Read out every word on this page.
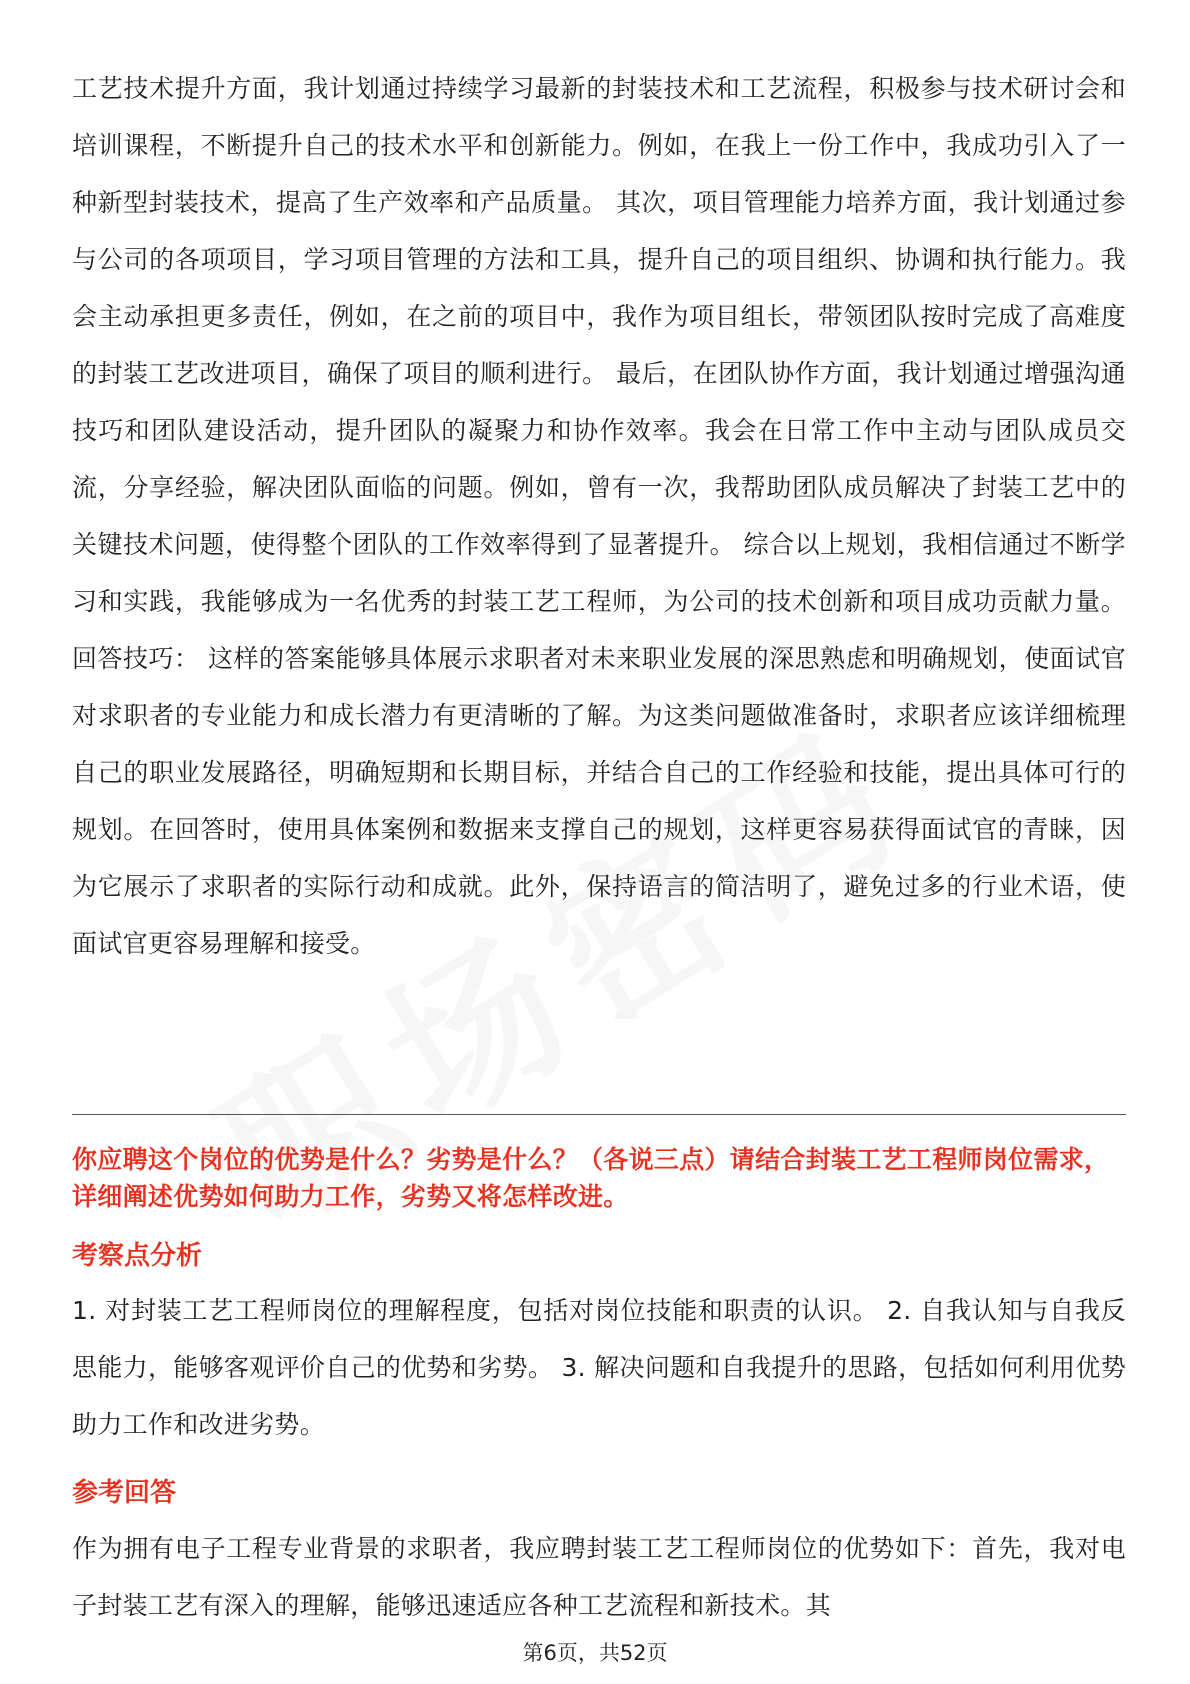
工艺技术提升方面，我计划通过持续学习最新的封装技术和工艺流程，积极参与技术研讨会和培训课程，不断提升自己的技术水平和创新能力。例如，在我上一份工作中，我成功引入了一种新型封装技术，提高了生产效率和产品质量。 其次，项目管理能力培养方面，我计划通过参与公司的各项项目，学习项目管理的方法和工具，提升自己的项目组织、协调和执行能力。我会主动承担更多责任，例如，在之前的项目中，我作为项目组长，带领团队按时完成了高难度的封装工艺改进项目，确保了项目的顺利进行。 最后，在团队协作方面，我计划通过增强沟通技巧和团队建设活动，提升团队的凝聚力和协作效率。我会在日常工作中主动与团队成员交流，分享经验，解决团队面临的问题。例如，曾有一次，我帮助团队成员解决了封装工艺中的关键技术问题，使得整个团队的工作效率得到了显著提升。 综合以上规划，我相信通过不断学习和实践，我能够成为一名优秀的封装工艺工程师，为公司的技术创新和项目成功贡献力量。 回答技巧： 这样的答案能够具体展示求职者对未来职业发展的深思熟虑和明确规划，使面试官对求职者的专业能力和成长潜力有更清晰的了解。为这类问题做准备时，求职者应该详细梳理自己的职业发展路径，明确短期和长期目标，并结合自己的工作经验和技能，提出具体可行的规划。在回答时，使用具体案例和数据来支撑自己的规划，这样更容易获得面试官的青睐，因为它展示了求职者的实际行动和成就。此外，保持语言的简洁明了，避免过多的行业术语，使面试官更容易理解和接受。

你应聘这个岗位的优势是什么？劣势是什么？（各说三点）请结合封装工艺工程师岗位需求，详细阐述优势如何助力工作，劣势又将怎样改进。

考察点分析

1. 对封装工艺工程师岗位的理解程度，包括对岗位技能和职责的认识。 2. 自我认知与自我反思能力，能够客观评价自己的优势和劣势。 3. 解决问题和自我提升的思路，包括如何利用优势助力工作和改进劣势。

参考回答

作为拥有电子工程专业背景的求职者，我应聘封装工艺工程师岗位的优势如下：首先，我对电子封装工艺有深入的理解，能够迅速适应各种工艺流程和新技术。其

第6页，共52页
